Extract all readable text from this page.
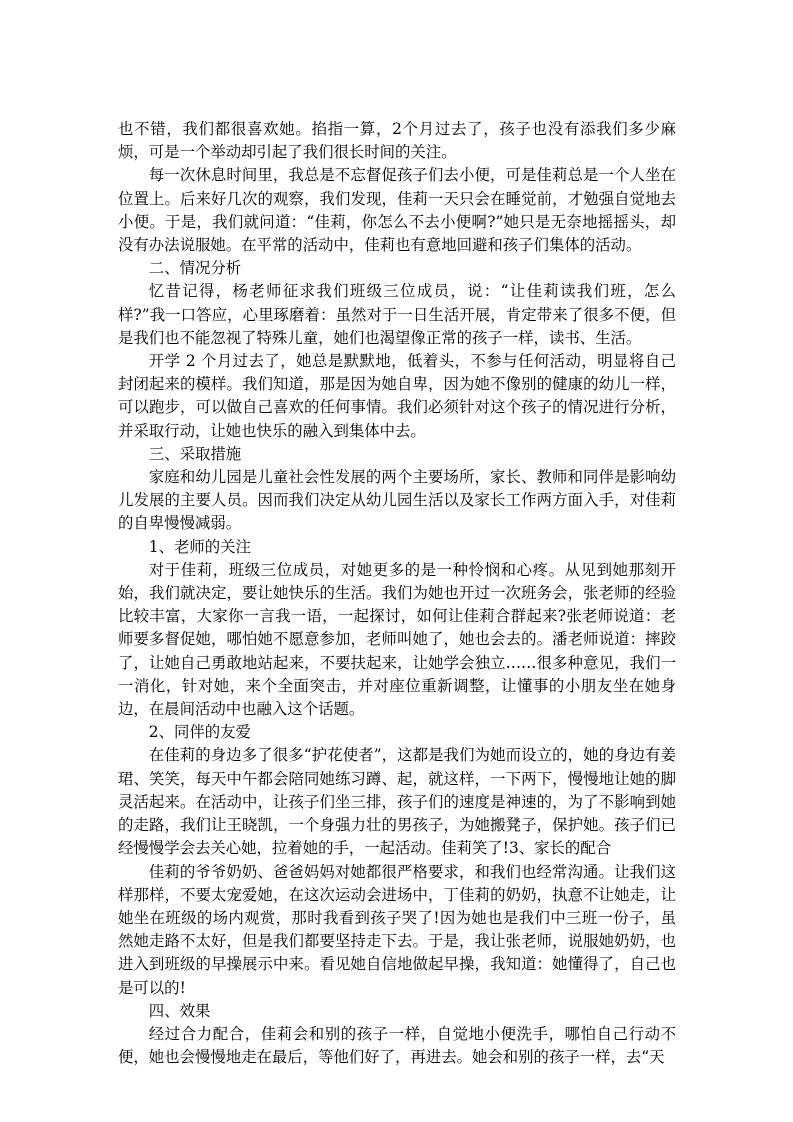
也不错，我们都很喜欢她。掐指一算，2个月过去了，孩子也没有添我们多少麻烦，可是一个举动却引起了我们很长时间的关注。

每一次休息时间里，我总是不忘督促孩子们去小便，可是佳莉总是一个人坐在位置上。后来好几次的观察，我们发现，佳莉一天只会在睡觉前，才勉强自觉地去小便。于是，我们就问道：“佳莉，你怎么不去小便啊?”她只是无奈地摇摇头，却没有办法说服她。在平常的活动中，佳莉也有意地回避和孩子们集体的活动。

二、情况分析

忆昔记得，杨老师征求我们班级三位成员，说：“让佳莉读我们班，怎么样?”我一口答应，心里琢磨着：虽然对于一日生活开展，肯定带来了很多不便，但是我们也不能忽视了特殊儿童，她们也渴望像正常的孩子一样，读书、生活。

开学 2 个月过去了，她总是默默地，低着头，不参与任何活动，明显将自己封闭起来的模样。我们知道，那是因为她自卑，因为她不像别的健康的幼儿一样，可以跑步，可以做自己喜欢的任何事情。我们必须针对这个孩子的情况进行分析，并采取行动，让她也快乐的融入到集体中去。

三、采取措施

家庭和幼儿园是儿童社会性发展的两个主要场所，家长、教师和同伴是影响幼儿发展的主要人员。因而我们决定从幼儿园生活以及家长工作两方面入手，对佳莉的自卑慢慢减弱。

1、老师的关注

对于佳莉，班级三位成员，对她更多的是一种怜悯和心疼。从见到她那刻开始，我们就决定，要让她快乐的生活。我们为她也开过一次班务会，张老师的经验比较丰富，大家你一言我一语，一起探讨，如何让佳莉合群起来?张老师说道：老师要多督促她，哪怕她不愿意参加，老师叫她了，她也会去的。潘老师说道：摔跤了，让她自己勇敢地站起来，不要扶起来，让她学会独立……很多种意见，我们一一消化，针对她，来个全面突击，并对座位重新调整，让懂事的小朋友坐在她身边，在晨间活动中也融入这个话题。

2、同伴的友爱

在佳莉的身边多了很多“护花使者”，这都是我们为她而设立的，她的身边有姜珺、笑笑，每天中午都会陪同她练习蹲、起，就这样，一下两下，慢慢地让她的脚灵活起来。在活动中，让孩子们坐三排，孩子们的速度是神速的，为了不影响到她的走路，我们让王晓凯，一个身强力壮的男孩子，为她搬凳子，保护她。孩子们已经慢慢学会去关心她，拉着她的手，一起活动。佳莉笑了!3、家长的配合

佳莉的爷爷奶奶、爸爸妈妈对她都很严格要求，和我们也经常沟通。让我们这样那样，不要太宠爱她，在这次运动会进场中，丁佳莉的奶奶，执意不让她走，让她坐在班级的场内观赏，那时我看到孩子哭了!因为她也是我们中三班一份子，虽然她走路不太好，但是我们都要坚持走下去。于是，我让张老师，说服她奶奶，也进入到班级的早操展示中来。看见她自信地做起早操，我知道：她懂得了，自己也是可以的!

四、效果

经过合力配合，佳莉会和别的孩子一样，自觉地小便洗手，哪怕自己行动不便，她也会慢慢地走在最后，等他们好了，再进去。她会和别的孩子一样，去“天
